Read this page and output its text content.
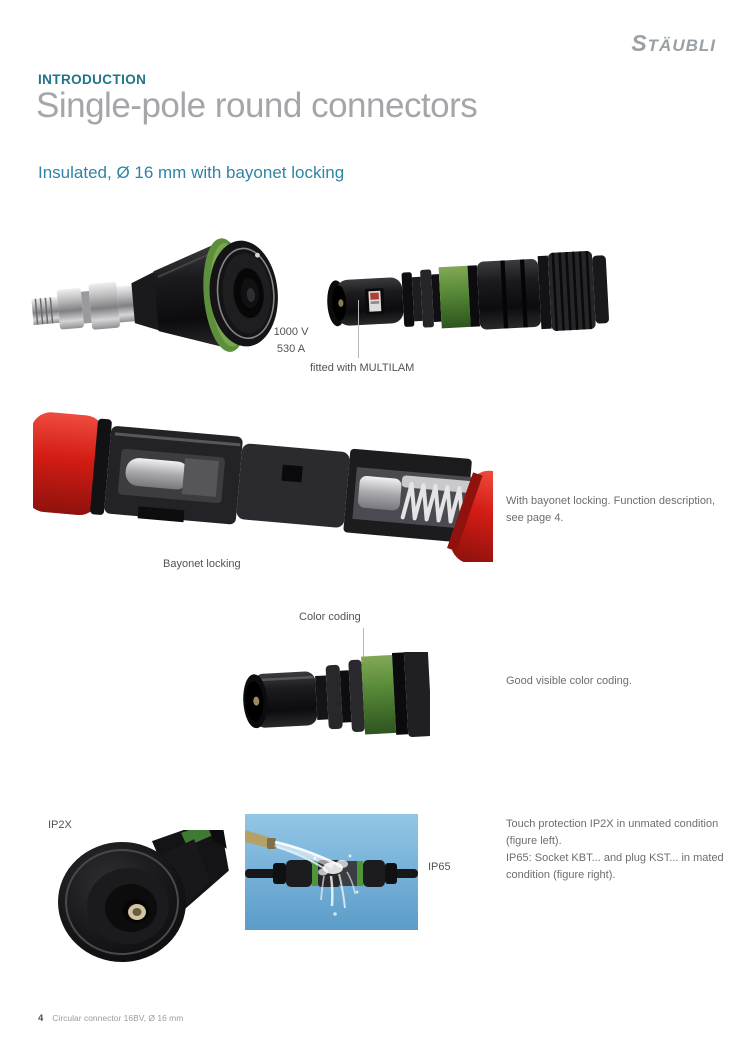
STÄUBLI
INTRODUCTION
Single-pole round connectors
Insulated, Ø 16 mm with bayonet locking
1000 V
530 A
fitted with MULTILAM
Bayonet locking
With bayonet locking. Function description, see page 4.
Color coding
Good visible color coding.
IP2X
IP65
Touch protection IP2X in unmated condition (figure left).
IP65: Socket KBT... and plug KST... in mated condition (figure right).
4 Circular connector 16BV, Ø 16 mm
